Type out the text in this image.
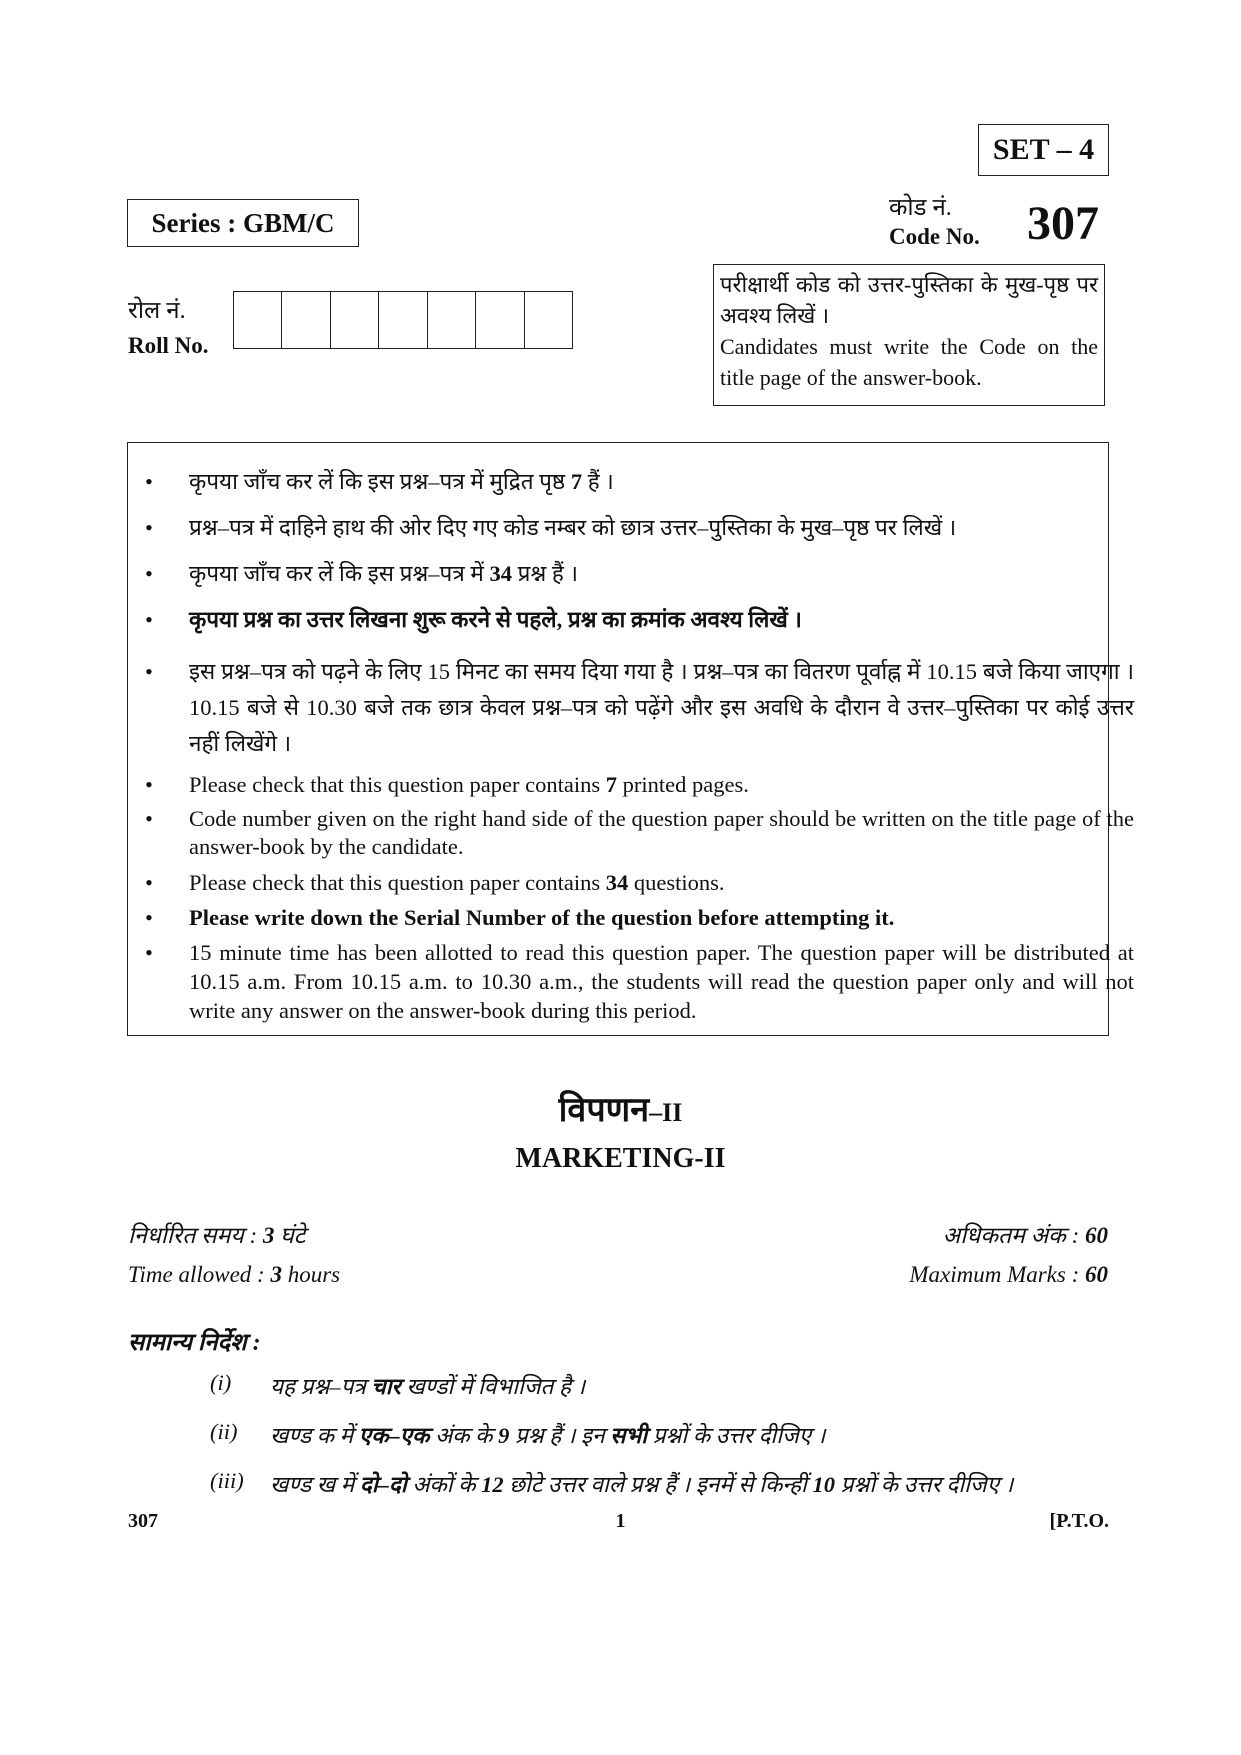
SET – 4
कोड नं.
Code No. 307
Series : GBM/C
रोल नं.
Roll No.
परीक्षार्थी कोड को उत्तर-पुस्तिका के मुख-पृष्ठ पर अवश्य लिखें ।
Candidates must write the Code on the title page of the answer-book.
•	कृपया जाँच कर लें कि इस प्रश्न–पत्र में मुद्रित पृष्ठ 7 हैं ।
•	प्रश्न–पत्र में दाहिने हाथ की ओर दिए गए कोड नम्बर को छात्र उत्तर–पुस्तिका के मुख–पृष्ठ पर लिखें ।
•	कृपया जाँच कर लें कि इस प्रश्न–पत्र में 34 प्रश्न हैं ।
•	कृपया प्रश्न का उत्तर लिखना शुरू करने से पहले, प्रश्न का क्रमांक अवश्य लिखें ।
•	इस प्रश्न–पत्र को पढ़ने के लिए 15 मिनट का समय दिया गया है । प्रश्न–पत्र का वितरण पूर्वाह्न में 10.15 बजे किया जाएगा । 10.15 बजे से 10.30 बजे तक छात्र केवल प्रश्न–पत्र को पढ़ेंगे और इस अवधि के दौरान वे उत्तर–पुस्तिका पर कोई उत्तर नहीं लिखेंगे ।
•	Please check that this question paper contains 7 printed pages.
•	Code number given on the right hand side of the question paper should be written on the title page of the answer-book by the candidate.
•	Please check that this question paper contains 34 questions.
•	Please write down the Serial Number of the question before attempting it.
•	15 minute time has been allotted to read this question paper. The question paper will be distributed at 10.15 a.m. From 10.15 a.m. to 10.30 a.m., the students will read the question paper only and will not write any answer on the answer-book during this period.
विपणन–II
MARKETING-II
निर्धारित समय : 3 घंटे
Time allowed : 3 hours
अधिकतम अंक : 60
Maximum Marks : 60
सामान्य निर्देश :
(i) यह प्रश्न–पत्र चार खण्डों में विभाजित है ।
(ii) खण्ड क में एक–एक अंक के 9 प्रश्न हैं । इन सभी प्रश्नों के उत्तर दीजिए ।
(iii) खण्ड ख में दो–दो अंकों के 12 छोटे उत्तर वाले प्रश्न हैं । इनमें से किन्हीं 10 प्रश्नों के उत्तर दीजिए ।
307	1	[P.T.O.
